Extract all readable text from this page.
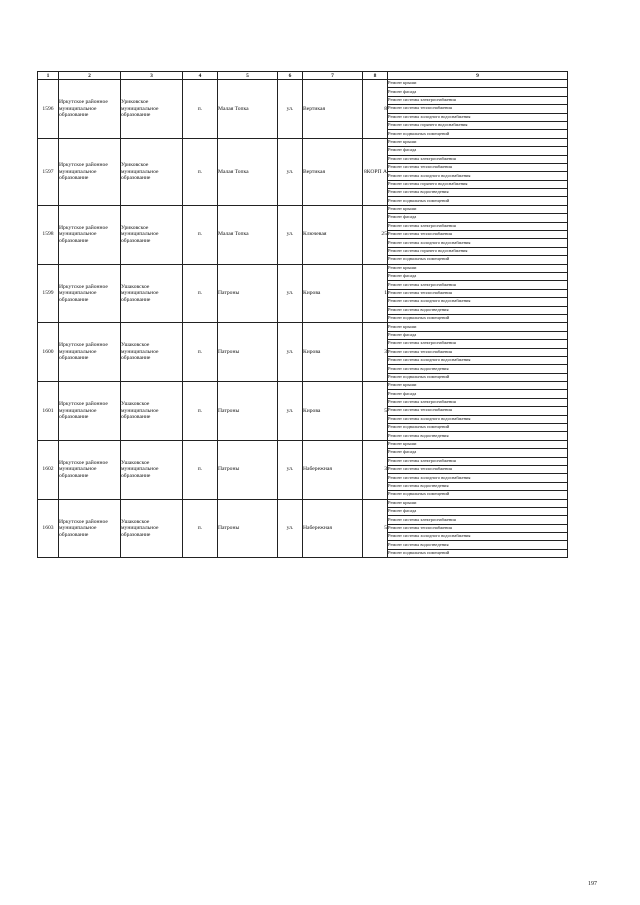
1	2	3	4	5	6	7	8	9
1596	Иркутское районное муниципальное образование	Уриковское муниципальное образование	п.	Малая Топка	ул.	Вертикая	8	Ремонт крыши
								Ремонт фасада
								Ремонт системы электроснабжения
								Ремонт системы теплоснабжения
								Ремонт системы холодного водоснабжения
								Ремонт системы горячего водоснабжения
								Ремонт подвальных помещений
1597	Иркутское районное муниципальное образование	Уриковское муниципальное образование	п.	Малая Топка	ул.	Вертикая	8КОРП А	Ремонт крыши
								Ремонт фасада
								Ремонт системы электроснабжения
								Ремонт системы теплоснабжения
								Ремонт системы холодного водоснабжения
								Ремонт системы горячего водоснабжения
								Ремонт системы водоотведения
								Ремонт подвальных помещений
1598	Иркутское районное муниципальное образование	Уриковское муниципальное образование	п.	Малая Топка	ул.	Ключевая	25	Ремонт крыши
								Ремонт фасада
								Ремонт системы электроснабжения
								Ремонт системы теплоснабжения
								Ремонт системы холодного водоснабжения
								Ремонт системы горячего водоснабжения
								Ремонт подвальных помещений
1599	Иркутское районное муниципальное образование	Ушаковское муниципальное образование	п.	Патроны	ул.	Кирова	1	Ремонт крыши
								Ремонт фасада
								Ремонт системы электроснабжения
								Ремонт системы теплоснабжения
								Ремонт системы холодного водоснабжения
								Ремонт системы водоотведения
								Ремонт подвальных помещений
1600	Иркутское районное муниципальное образование	Ушаковское муниципальное образование	п.	Патроны	ул.	Кирова	3	Ремонт крыши
								Ремонт фасада
								Ремонт системы электроснабжения
								Ремонт системы теплоснабжения
								Ремонт системы холодного водоснабжения
								Ремонт системы водоотведения
								Ремонт подвальных помещений
1601	Иркутское районное муниципальное образование	Ушаковское муниципальное образование	п.	Патроны	ул.	Кирова	5	Ремонт крыши
								Ремонт фасада
								Ремонт системы электроснабжения
								Ремонт системы теплоснабжения
								Ремонт системы холодного водоснабжения
								Ремонт подвальных помещений
								Ремонт системы водоотведения
1602	Иркутское районное муниципальное образование	Ушаковское муниципальное образование	п.	Патроны	ул.	Набережная	3	Ремонт крыши
								Ремонт фасада
								Ремонт системы электроснабжения
								Ремонт системы теплоснабжения
								Ремонт системы холодного водоснабжения
								Ремонт системы водоотведения
								Ремонт подвальных помещений
1603	Иркутское районное муниципальное образование	Ушаковское муниципальное образование	п.	Патроны	ул.	Набережная	5	Ремонт крыши
								Ремонт фасада
								Ремонт системы электроснабжения
								Ремонт системы теплоснабжения
								Ремонт системы холодного водоснабжения
								Ремонт системы водоотведения
								Ремонт подвальных помещений
197
